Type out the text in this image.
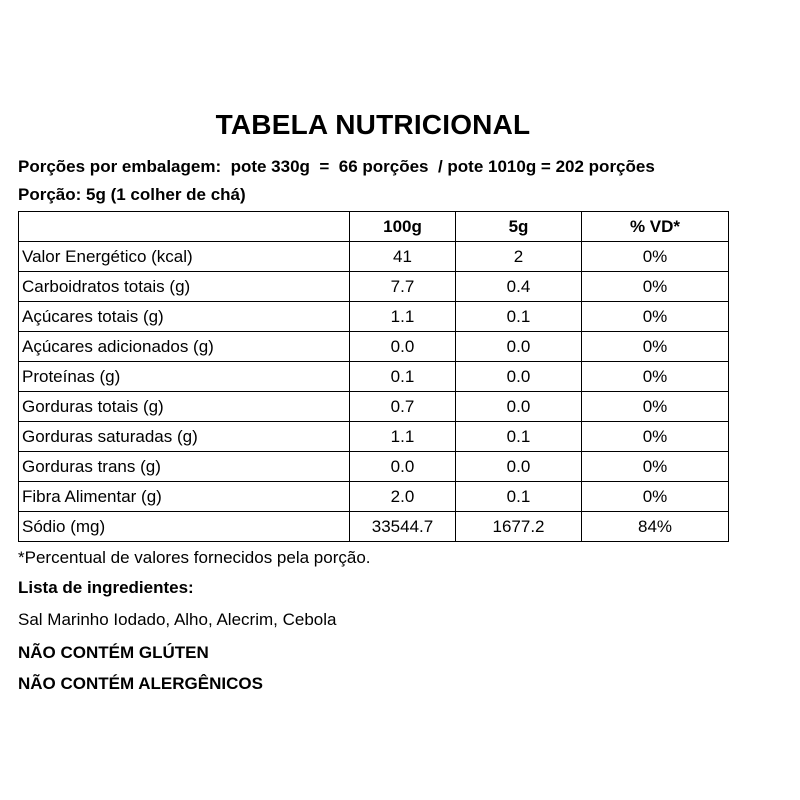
TABELA NUTRICIONAL
Porções por embalagem:  pote 330g  =  66 porções  / pote 1010g = 202 porções
Porção: 5g (1 colher de chá)
	100g	5g	% VD*
Valor Energético (kcal)	41	2	0%
Carboidratos totais (g)	7.7	0.4	0%
Açúcares totais (g)	1.1	0.1	0%
Açúcares adicionados (g)	0.0	0.0	0%
Proteínas (g)	0.1	0.0	0%
Gorduras totais (g)	0.7	0.0	0%
Gorduras saturadas (g)	1.1	0.1	0%
Gorduras trans (g)	0.0	0.0	0%
Fibra Alimentar (g)	2.0	0.1	0%
Sódio (mg)	33544.7	1677.2	84%
*Percentual de valores fornecidos pela porção.
Lista de ingredientes:
Sal Marinho Iodado, Alho, Alecrim, Cebola
NÃO CONTÉM GLÚTEN
NÃO CONTÉM ALERGÊNICOS
